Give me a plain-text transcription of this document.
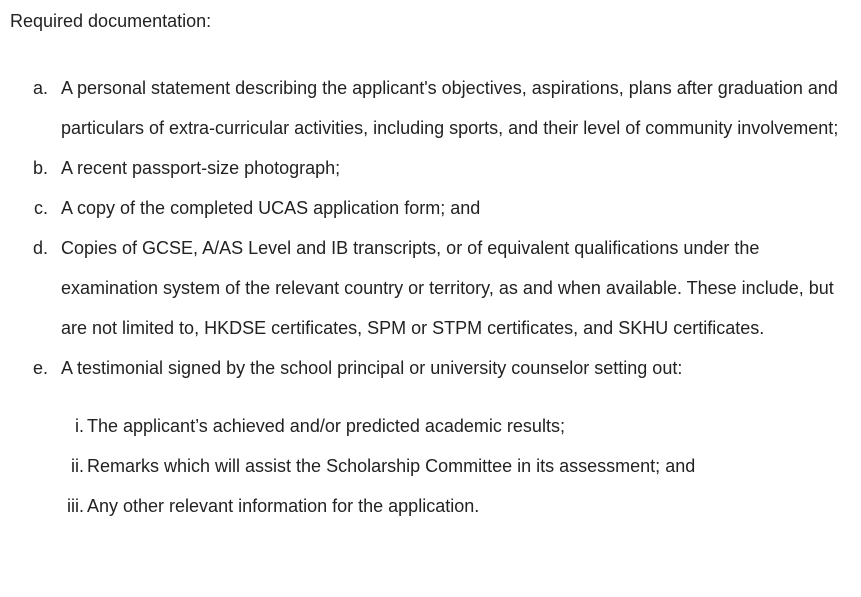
Required documentation:
a. A personal statement describing the applicant's objectives, aspirations, plans after graduation and particulars of extra-curricular activities, including sports, and their level of community involvement;
b. A recent passport-size photograph;
c. A copy of the completed UCAS application form; and
d. Copies of GCSE, A/AS Level and IB transcripts, or of equivalent qualifications under the examination system of the relevant country or territory, as and when available. These include, but are not limited to, HKDSE certificates, SPM or STPM certificates, and SKHU certificates.
e. A testimonial signed by the school principal or university counselor setting out:
i. The applicant’s achieved and/or predicted academic results;
ii. Remarks which will assist the Scholarship Committee in its assessment; and
iii. Any other relevant information for the application.
